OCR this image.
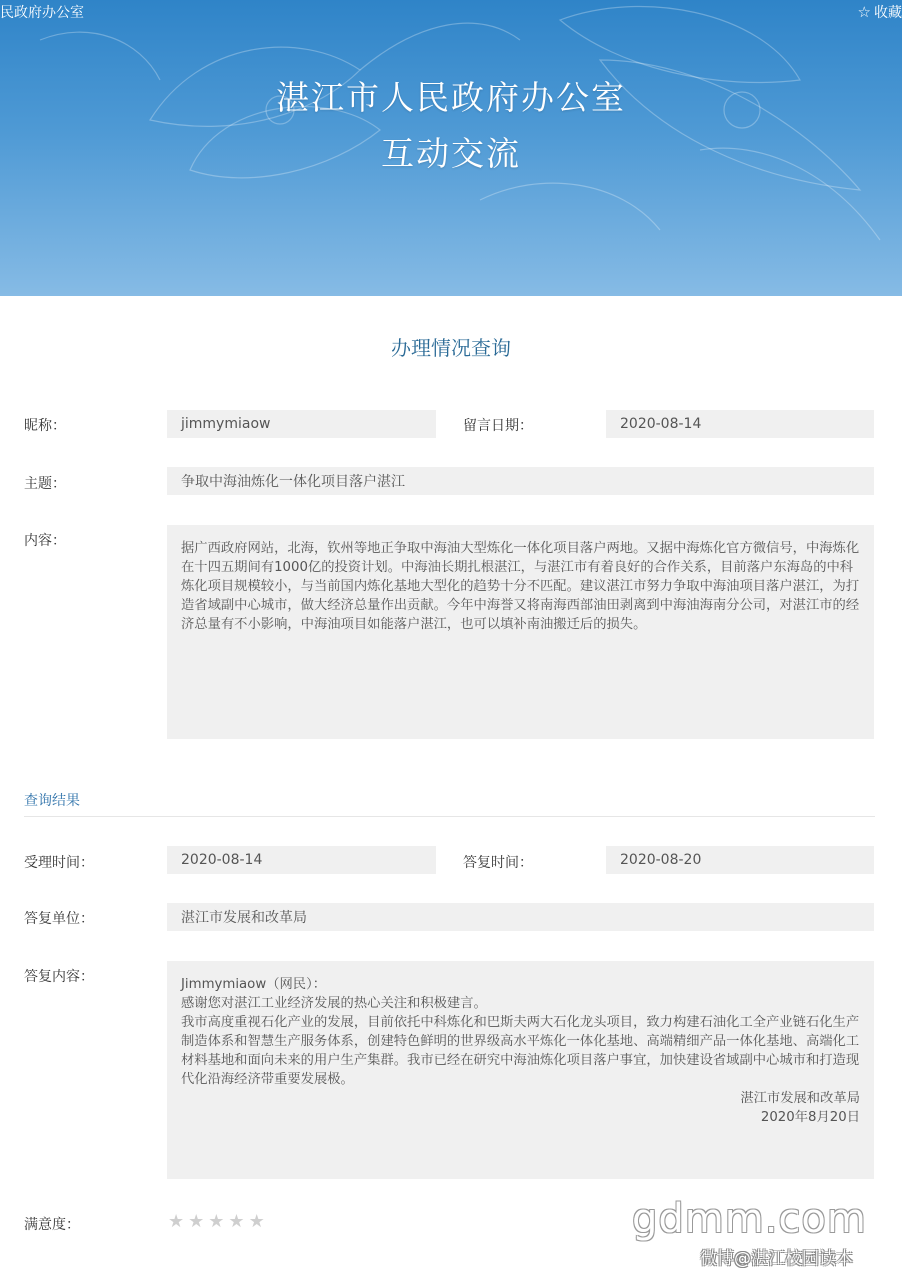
民政府办公室	☆ 收藏
湛江市人民政府办公室
互动交流
办理情况查询
昵称：	jimmymiaow	留言日期：	2020-08-14
主题：	争取中海油炼化一体化项目落户湛江
内容：	据广西政府网站，北海，钦州等地正争取中海油大型炼化一体化项目落户两地。又据中海炼化官方微信号，中海炼化在十四五期间有1000亿的投资计划。中海油长期扎根湛江，与湛江市有着良好的合作关系，目前落户东海岛的中科炼化项目规模较小，与当前国内炼化基地大型化的趋势十分不匹配。建议湛江市努力争取中海油项目落户湛江，为打造省域副中心城市，做大经济总量作出贡献。今年中海誉又将南海西部油田剥离到中海油海南分公司，对湛江市的经济总量有不小影响，中海油项目如能落户湛江，也可以填补南油搬迁后的损失。
查询结果
受理时间：	2020-08-14	答复时间：	2020-08-20
答复单位：	湛江市发展和改革局
答复内容：	Jimmymiaow（网民）：
感谢您对湛江工业经济发展的热心关注和积极建言。
我市高度重视石化产业的发展，目前依托中科炼化和巴斯夫两大石化龙头项目，致力构建石油化工全产业链石化生产制造体系和智慧生产服务体系，创建特色鲜明的世界级高水平炼化一体化基地、高端精细产品一体化基地、高端化工材料基地和面向未来的用户生产集群。我市已经在研究中海油炼化项目落户事宜，加快建设省域副中心城市和打造现代化沿海经济带重要发展极。
湛江市发展和改革局
2020年8月20日
满意度：	★ ★ ★ ★ ★	gdmm.com
微博@湛江校园读本
